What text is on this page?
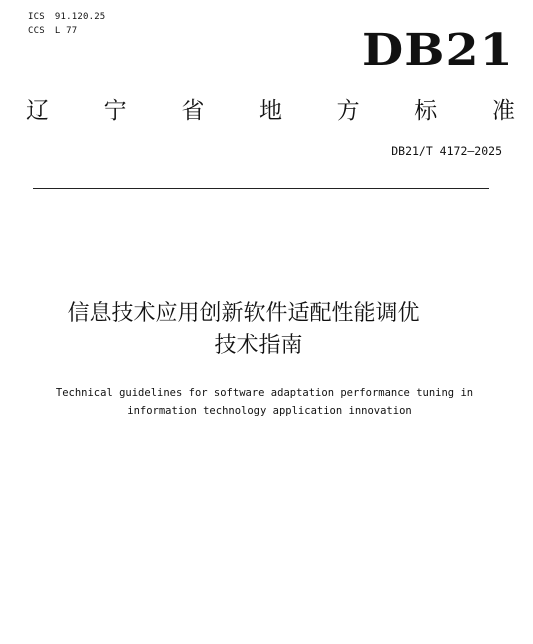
ICS 91.120.25
CCS L 77	DB21
辽 宁 省 地 方 标 准
DB21/T 4172—2025
信息技术应用创新软件适配性能调优
技术指南
Technical guidelines for software adaptation performance tuning in
information technology application innovation
